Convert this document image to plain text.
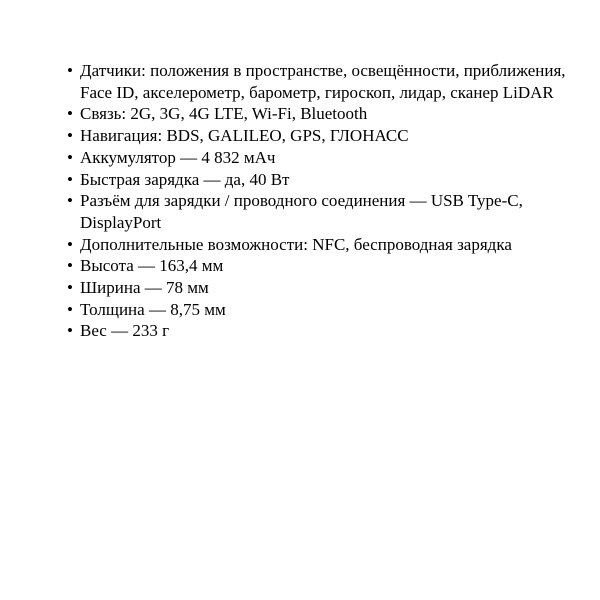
• Датчики: положения в пространстве, освещённости, приближения, Face ID, акселерометр, барометр, гироскоп, лидар, сканер LiDAR
• Связь: 2G, 3G, 4G LTE, Wi-Fi, Bluetooth
• Навигация: BDS, GALILEO, GPS, ГЛОНАСС
• Аккумулятор — 4 832 мАч
• Быстрая зарядка — да, 40 Вт
• Разъём для зарядки / проводного соединения — USB Type-C, DisplayPort
• Дополнительные возможности: NFC, беспроводная зарядка
• Высота — 163,4 мм
• Ширина — 78 мм
• Толщина — 8,75 мм
• Вес — 233 г
